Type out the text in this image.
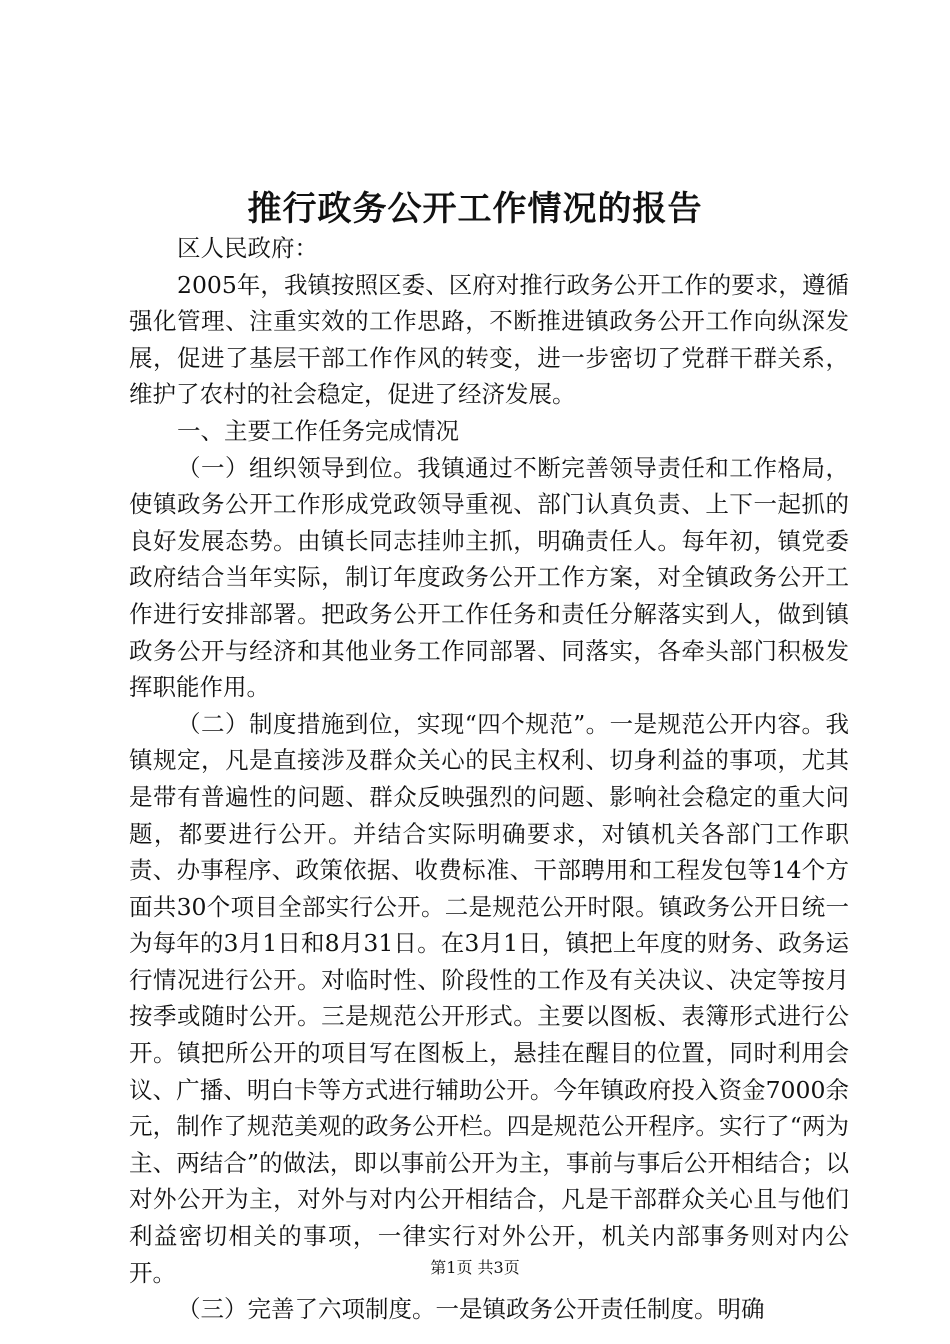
推行政务公开工作情况的报告

区人民政府：

2005年，我镇按照区委、区府对推行政务公开工作的要求，遵循强化管理、注重实效的工作思路，不断推进镇政务公开工作向纵深发展，促进了基层干部工作作风的转变，进一步密切了党群干群关系，维护了农村的社会稳定，促进了经济发展。

一、主要工作任务完成情况

（一）组织领导到位。我镇通过不断完善领导责任和工作格局，使镇政务公开工作形成党政领导重视、部门认真负责、上下一起抓的良好发展态势。由镇长同志挂帅主抓，明确责任人。每年初，镇党委政府结合当年实际，制订年度政务公开工作方案，对全镇政务公开工作进行安排部署。把政务公开工作任务和责任分解落实到人，做到镇政务公开与经济和其他业务工作同部署、同落实，各牵头部门积极发挥职能作用。

（二）制度措施到位，实现“四个规范”。一是规范公开内容。我镇规定，凡是直接涉及群众关心的民主权利、切身利益的事项，尤其是带有普遍性的问题、群众反映强烈的问题、影响社会稳定的重大问题，都要进行公开。并结合实际明确要求，对镇机关各部门工作职责、办事程序、政策依据、收费标准、干部聘用和工程发包等14个方面共30个项目全部实行公开。二是规范公开时限。镇政务公开日统一为每年的3月1日和8月31日。在3月1日，镇把上年度的财务、政务运行情况进行公开。对临时性、阶段性的工作及有关决议、决定等按月按季或随时公开。三是规范公开形式。主要以图板、表簿形式进行公开。镇把所公开的项目写在图板上，悬挂在醒目的位置，同时利用会议、广播、明白卡等方式进行辅助公开。今年镇政府投入资金7000余元，制作了规范美观的政务公开栏。四是规范公开程序。实行了“两为主、两结合”的做法，即以事前公开为主，事前与事后公开相结合；以对外公开为主，对外与对内公开相结合，凡是干部群众关心且与他们利益密切相关的事项，一律实行对外公开，机关内部事务则对内公开。

（三）完善了六项制度。一是镇政务公开责任制度。明确

第1页 共3页
